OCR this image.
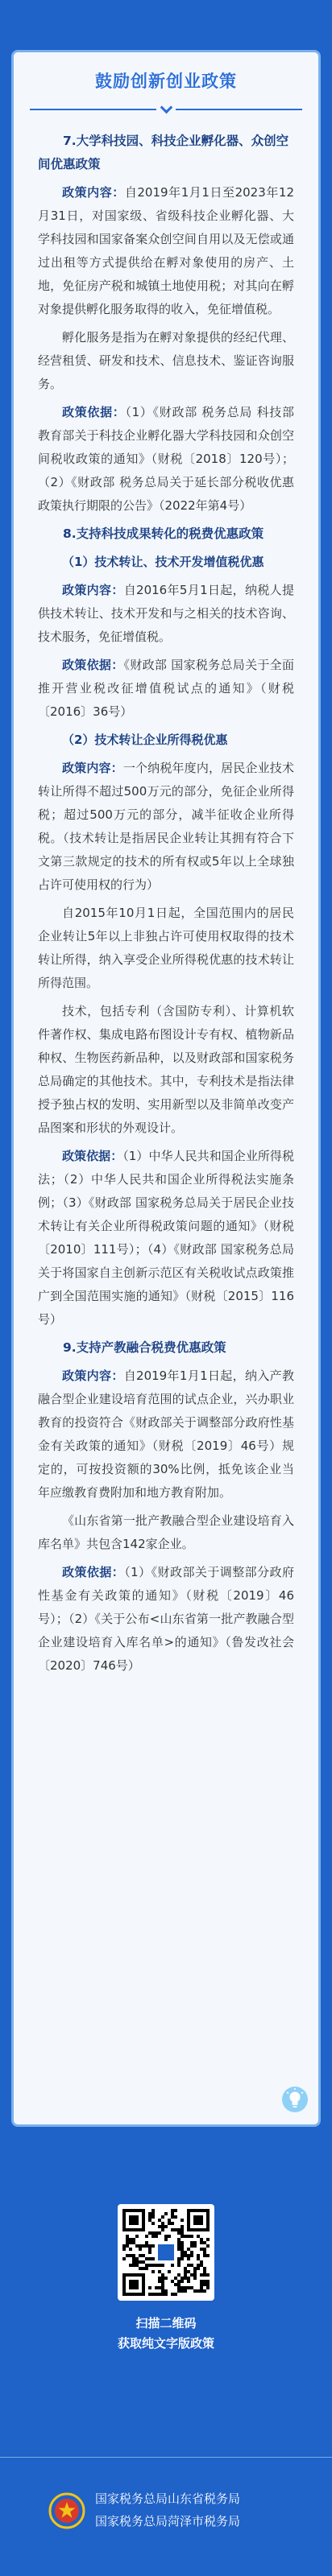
鼓励创新创业政策
7.大学科技园、科技企业孵化器、众创空间优惠政策

政策内容：自2019年1月1日至2023年12月31日，对国家级、省级科技企业孵化器、大学科技园和国家备案众创空间自用以及无偿或通过出租等方式提供给在孵对象使用的房产、土地，免征房产税和城镇土地使用税；对其向在孵对象提供孵化服务取得的收入，免征增值税。

孵化服务是指为在孵对象提供的经纪代理、经营租赁、研发和技术、信息技术、鉴证咨询服务。

政策依据：（1）《财政部 税务总局 科技部 教育部关于科技企业孵化器大学科技园和众创空间税收政策的通知》（财税〔2018〕120号）；（2）《财政部 税务总局关于延长部分税收优惠政策执行期限的公告》（2022年第4号）

8.支持科技成果转化的税费优惠政策
（1）技术转让、技术开发增值税优惠

政策内容：自2016年5月1日起，纳税人提供技术转让、技术开发和与之相关的技术咨询、技术服务，免征增值税。

政策依据：《财政部 国家税务总局关于全面推开营业税改征增值税试点的通知》（财税〔2016〕36号）

（2）技术转让企业所得税优惠

政策内容：一个纳税年度内，居民企业技术转让所得不超过500万元的部分，免征企业所得税；超过500万元的部分，减半征收企业所得税。（技术转让是指居民企业转让其拥有符合下文第三款规定的技术的所有权或5年以上全球独占许可使用权的行为）

自2015年10月1日起，全国范围内的居民企业转让5年以上非独占许可使用权取得的技术转让所得，纳入享受企业所得税优惠的技术转让所得范围。

技术，包括专利（含国防专利）、计算机软件著作权、集成电路布图设计专有权、植物新品种权、生物医药新品种，以及财政部和国家税务总局确定的其他技术。其中，专利技术是指法律授予独占权的发明、实用新型以及非简单改变产品图案和形状的外观设计。

政策依据：（1）中华人民共和国企业所得税法；（2）中华人民共和国企业所得税法实施条例；（3）《财政部 国家税务总局关于居民企业技术转让有关企业所得税政策问题的通知》（财税〔2010〕111号）；（4）《财政部 国家税务总局关于将国家自主创新示范区有关税收试点政策推广到全国范围实施的通知》（财税〔2015〕116号）

9.支持产教融合税费优惠政策

政策内容：自2019年1月1日起，纳入产教融合型企业建设培育范围的试点企业，兴办职业教育的投资符合《财政部关于调整部分政府性基金有关政策的通知》（财税〔2019〕46号）规定的，可按投资额的30%比例，抵免该企业当年应缴教育费附加和地方教育附加。

《山东省第一批产教融合型企业建设培育入库名单》共包含142家企业。

政策依据：（1）《财政部关于调整部分政府性基金有关政策的通知》（财税〔2019〕46号）；（2）《关于公布<山东省第一批产教融合型企业建设培育入库名单>的通知》（鲁发改社会〔2020〕746号）

扫描二维码
获取纯文字版政策
国家税务总局山东省税务局
国家税务总局菏泽市税务局
